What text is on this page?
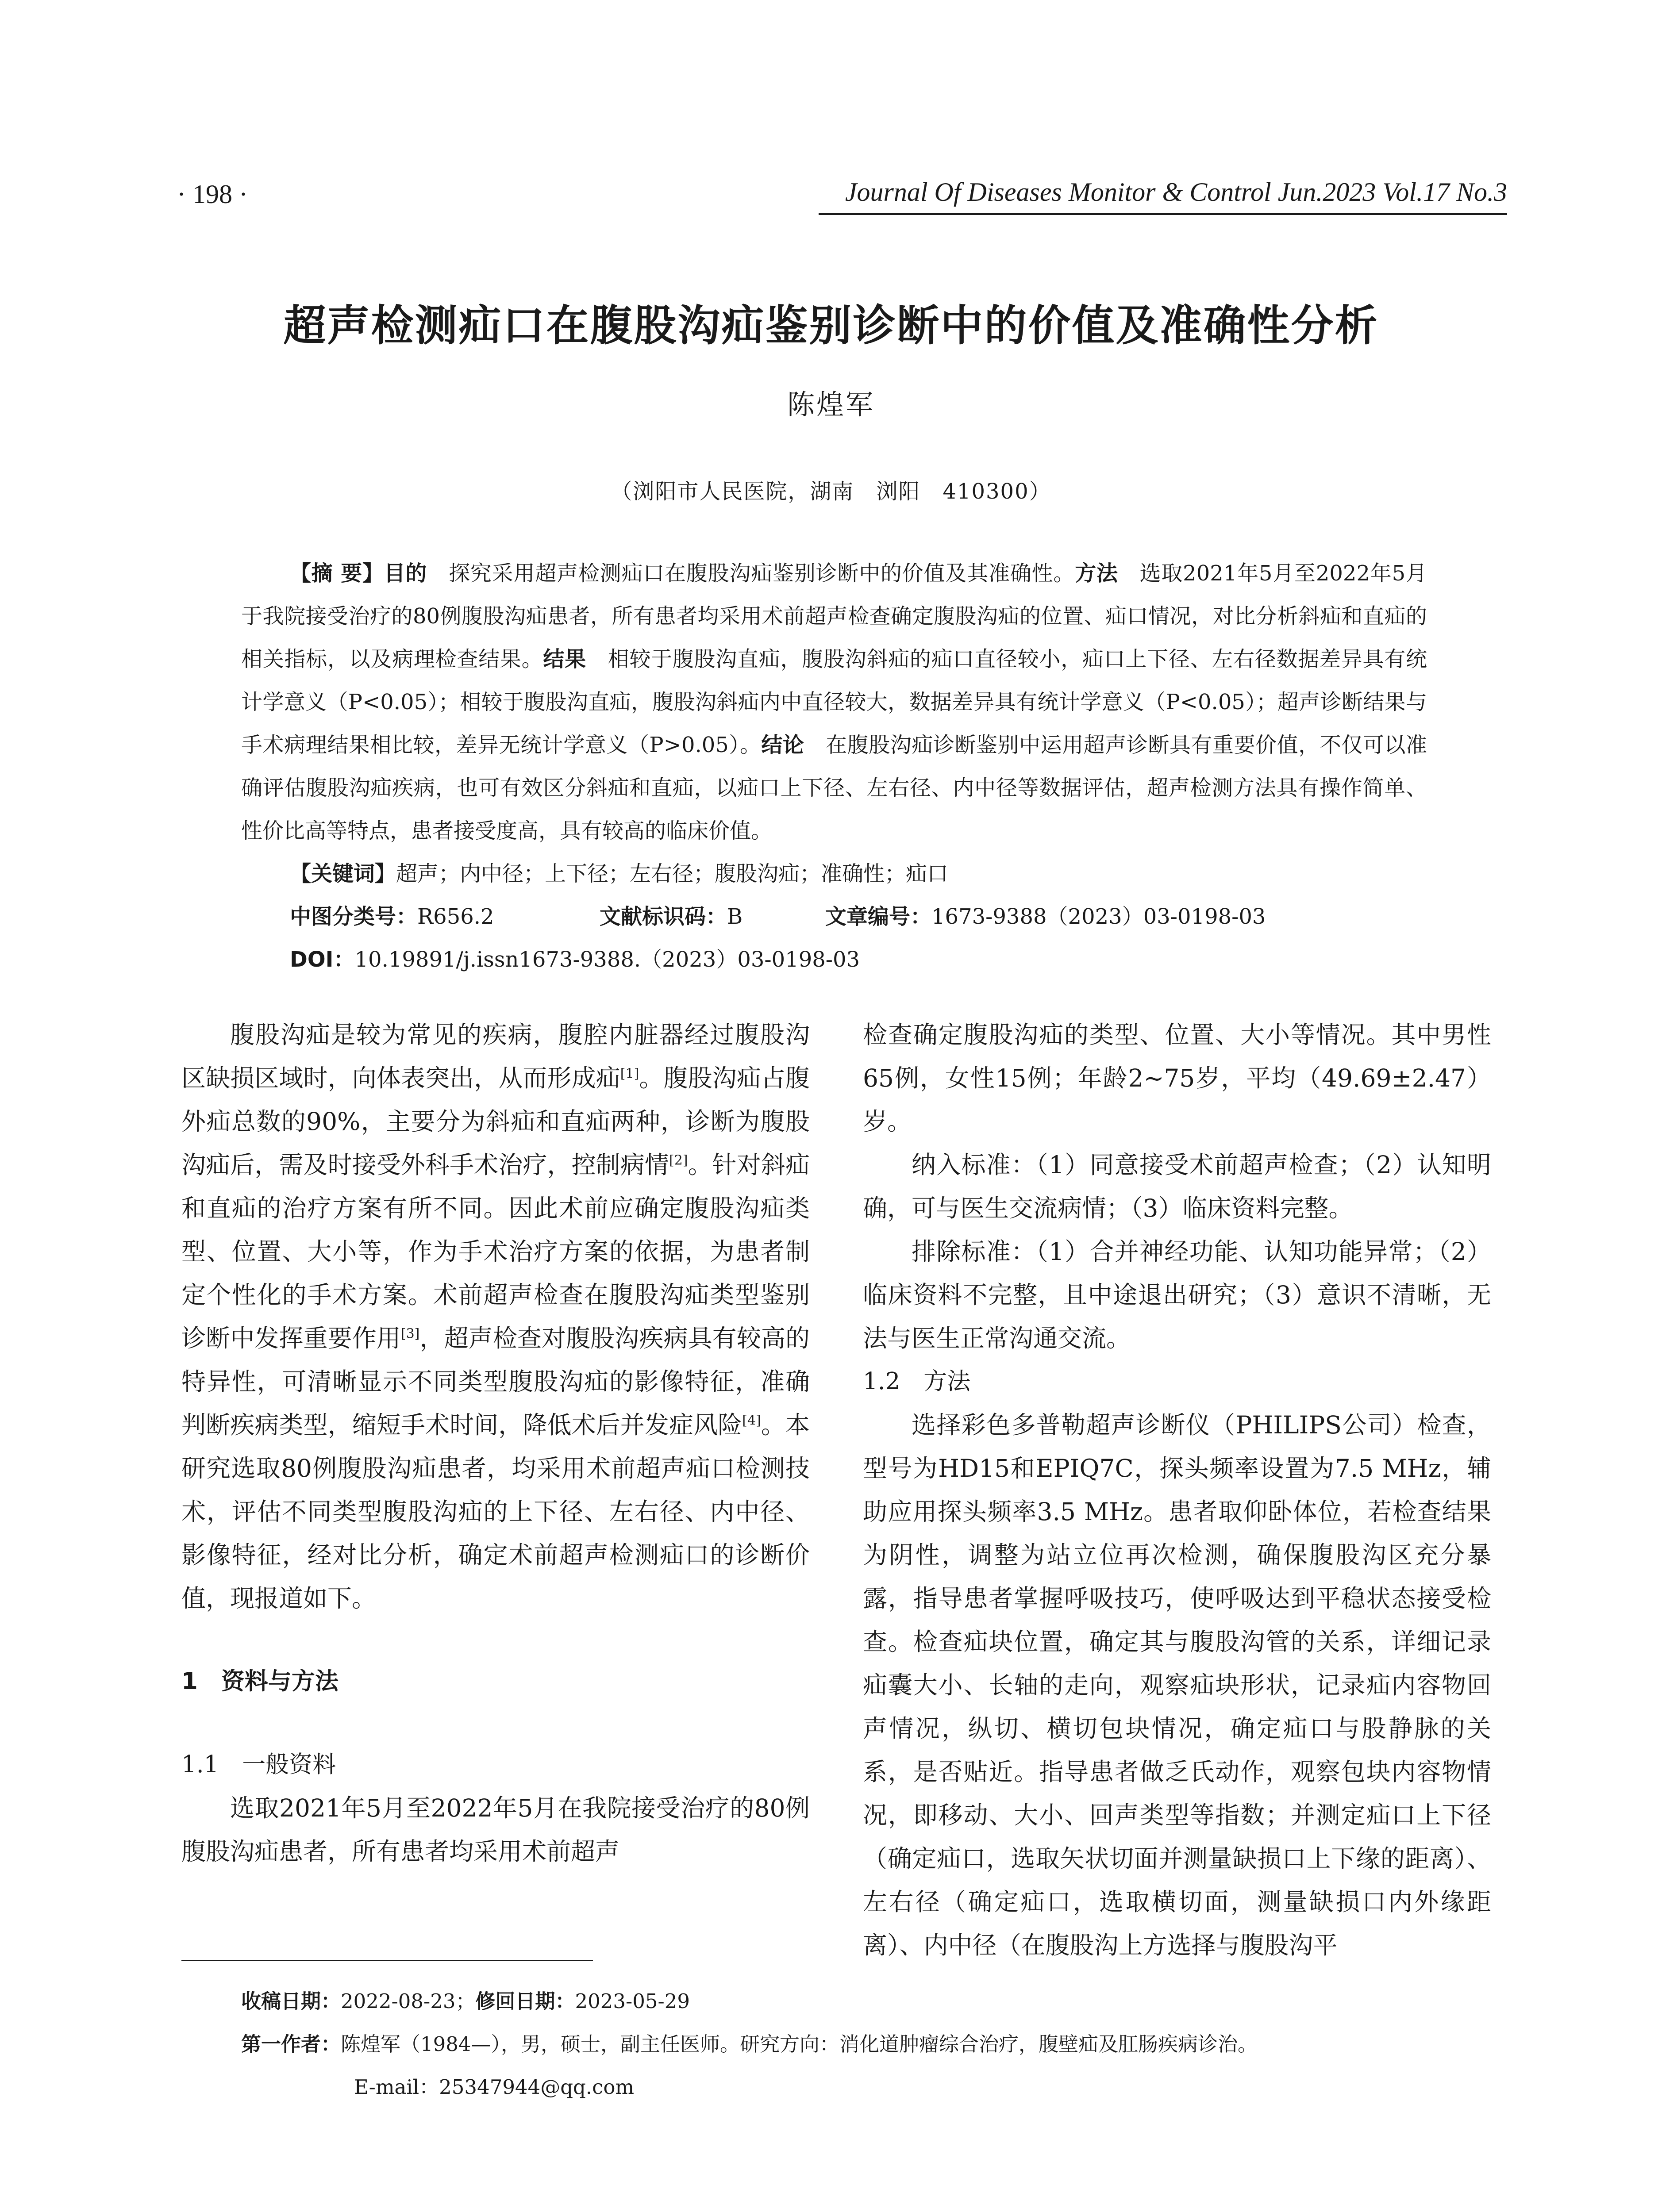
· 198 ·	Journal Of Diseases Monitor & Control Jun.2023 Vol.17 No.3
超声检测疝口在腹股沟疝鉴别诊断中的价值及准确性分析
陈煌军
（浏阳市人民医院，湖南　浏阳　410300）
【摘 要】目的　 探究采用超声检测疝口在腹股沟疝鉴别诊断中的价值及其准确性。方法　 选取2021年5月至2022年5月于我院接受治疗的80例腹股沟疝患者，所有患者均采用术前超声检查确定腹股沟疝的位置、疝口情况，对比分析斜疝和直疝的相关指标，以及病理检查结果。结果　 相较于腹股沟直疝，腹股沟斜疝的疝口直径较小，疝口上下径、左右径数据差异具有统计学意义（P<0.05）；相较于腹股沟直疝，腹股沟斜疝内中直径较大，数据差异具有统计学意义（P<0.05）；超声诊断结果与手术病理结果相比较，差异无统计学意义（P>0.05）。结论　 在腹股沟疝诊断鉴别中运用超声诊断具有重要价值，不仅可以准确评估腹股沟疝疾病，也可有效区分斜疝和直疝，以疝口上下径、左右径、内中径等数据评估，超声检测方法具有操作简单、性价比高等特点，患者接受度高，具有较高的临床价值。
【关键词】超声；内中径；上下径；左右径；腹股沟疝；准确性；疝口
中图分类号：R656.2	文献标识码：B	文章编号：1673-9388（2023）03-0198-03
DOI：10.19891/j.issn1673-9388.（2023）03-0198-03

腹股沟疝是较为常见的疾病，腹腔内脏器经过腹股沟区缺损区域时，向体表突出，从而形成疝[1]。腹股沟疝占腹外疝总数的90%，主要分为斜疝和直疝两种，诊断为腹股沟疝后，需及时接受外科手术治疗，控制病情[2]。针对斜疝和直疝的治疗方案有所不同。因此术前应确定腹股沟疝类型、位置、大小等，作为手术治疗方案的依据，为患者制定个性化的手术方案。术前超声检查在腹股沟疝类型鉴别诊断中发挥重要作用[3]，超声检查对腹股沟疾病具有较高的特异性，可清晰显示不同类型腹股沟疝的影像特征，准确判断疾病类型，缩短手术时间，降低术后并发症风险[4]。本研究选取80例腹股沟疝患者，均采用术前超声疝口检测技术，评估不同类型腹股沟疝的上下径、左右径、内中径、影像特征，经对比分析，确定术前超声检测疝口的诊断价值，现报道如下。

1　资料与方法

1.1　一般资料

选取2021年5月至2022年5月在我院接受治疗的80例腹股沟疝患者，所有患者均采用术前超声

检查确定腹股沟疝的类型、位置、大小等情况。其中男性65例，女性15例；年龄2~75岁，平均（49.69±2.47）岁。

纳入标准：（1）同意接受术前超声检查；（2）认知明确，可与医生交流病情；（3）临床资料完整。

排除标准：（1）合并神经功能、认知功能异常；（2）临床资料不完整，且中途退出研究；（3）意识不清晰，无法与医生正常沟通交流。

1.2　方法

选择彩色多普勒超声诊断仪（PHILIPS公司）检查，型号为HD15和EPIQ7C，探头频率设置为7.5 MHz，辅助应用探头频率3.5 MHz。患者取仰卧体位，若检查结果为阴性，调整为站立位再次检测，确保腹股沟区充分暴露，指导患者掌握呼吸技巧，使呼吸达到平稳状态接受检查。检查疝块位置，确定其与腹股沟管的关系，详细记录疝囊大小、长轴的走向，观察疝块形状，记录疝内容物回声情况，纵切、横切包块情况，确定疝口与股静脉的关系，是否贴近。指导患者做乏氏动作，观察包块内容物情况，即移动、大小、回声类型等指数；并测定疝口上下径（确定疝口，选取矢状切面并测量缺损口上下缘的距离）、左右径（确定疝口，选取横切面，测量缺损口内外缘距离）、内中径（在腹股沟上方选择与腹股沟平

收稿日期：2022-08-23；修回日期：2023-05-29
第一作者：陈煌军（1984—），男，硕士，副主任医师。研究方向：消化道肿瘤综合治疗，腹壁疝及肛肠疾病诊治。
E-mail：25347944@qq.com
